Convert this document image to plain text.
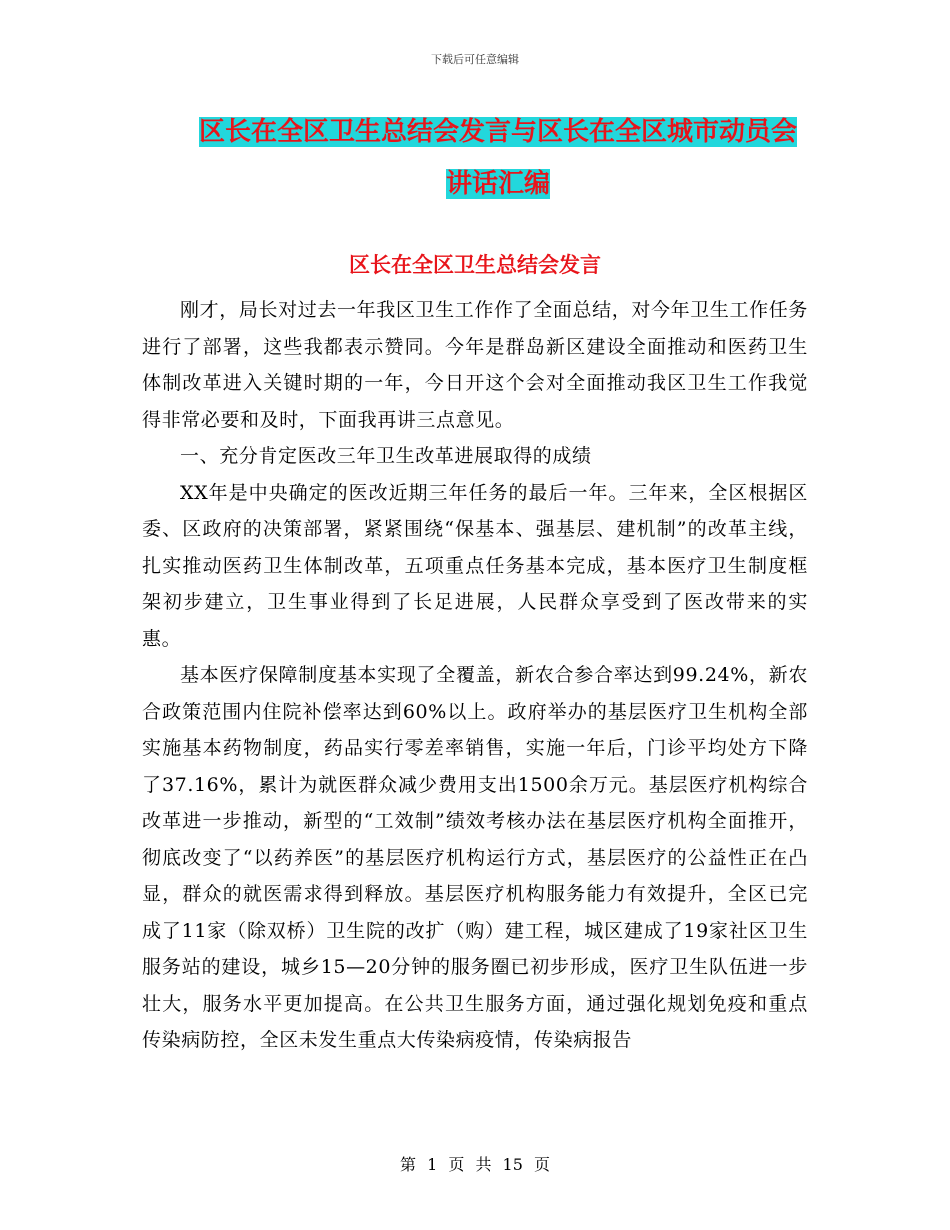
下载后可任意编辑
区长在全区卫生总结会发言与区长在全区城市动员会讲话汇编
区长在全区卫生总结会发言

刚才，局长对过去一年我区卫生工作作了全面总结，对今年卫生工作任务进行了部署，这些我都表示赞同。今年是群岛新区建设全面推动和医药卫生体制改革进入关键时期的一年，今日开这个会对全面推动我区卫生工作我觉得非常必要和及时，下面我再讲三点意见。

一、充分肯定医改三年卫生改革进展取得的成绩

XX年是中央确定的医改近期三年任务的最后一年。三年来，全区根据区委、区政府的决策部署，紧紧围绕“保基本、强基层、建机制”的改革主线，扎实推动医药卫生体制改革，五项重点任务基本完成，基本医疗卫生制度框架初步建立，卫生事业得到了长足进展，人民群众享受到了医改带来的实惠。

基本医疗保障制度基本实现了全覆盖，新农合参合率达到99.24%，新农合政策范围内住院补偿率达到60%以上。政府举办的基层医疗卫生机构全部实施基本药物制度，药品实行零差率销售，实施一年后，门诊平均处方下降了37.16%，累计为就医群众减少费用支出1500余万元。基层医疗机构综合改革进一步推动，新型的“工效制”绩效考核办法在基层医疗机构全面推开，彻底改变了“以药养医”的基层医疗机构运行方式，基层医疗的公益性正在凸显，群众的就医需求得到释放。基层医疗机构服务能力有效提升，全区已完成了11家（除双桥）卫生院的改扩（购）建工程，城区建成了19家社区卫生服务站的建设，城乡15—20分钟的服务圈已初步形成，医疗卫生队伍进一步壮大，服务水平更加提高。在公共卫生服务方面，通过强化规划免疫和重点传染病防控，全区未发生重点大传染病疫情，传染病报告

第 1 页 共 15 页
